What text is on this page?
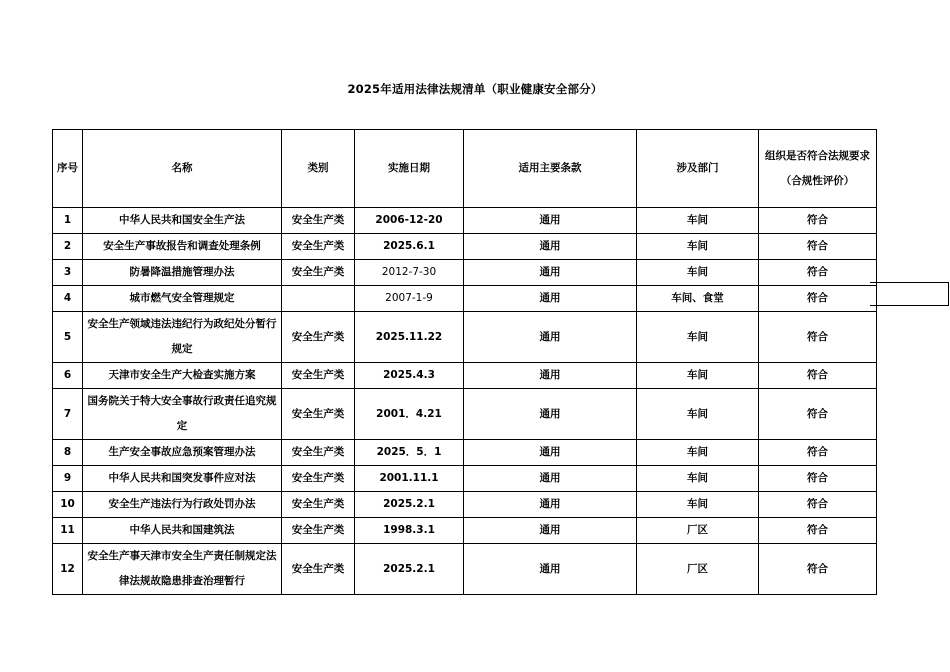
2025年适用法律法规清单（职业健康安全部分）
序号	名称	类别	实施日期	适用主要条款	涉及部门	组织是否符合法规要求（合规性评价）
1	中华人民共和国安全生产法	安全生产类	2006-12-20	通用	车间	符合
2	安全生产事故报告和调查处理条例	安全生产类	2025.6.1	通用	车间	符合
3	防暑降温措施管理办法	安全生产类	2012-7-30	通用	车间	符合
4	城市燃气安全管理规定		2007-1-9	通用	车间、食堂	符合
5	安全生产领域违法违纪行为政纪处分暂行规定	安全生产类	2025.11.22	通用	车间	符合
6	天津市安全生产大检查实施方案	安全生产类	2025.4.3	通用	车间	符合
7	国务院关于特大安全事故行政责任追究规定	安全生产类	2001．4.21	通用	车间	符合
8	生产安全事故应急预案管理办法	安全生产类	2025．5．1	通用	车间	符合
9	中华人民共和国突发事件应对法	安全生产类	2001.11.1	通用	车间	符合
10	安全生产违法行为行政处罚办法	安全生产类	2025.2.1	通用	车间	符合
11	中华人民共和国建筑法	安全生产类	1998.3.1	通用	厂区	符合
12	安全生产事天津市安全生产责任制规定法律法规故隐患排查治理暂行	安全生产类	2025.2.1	通用	厂区	符合
